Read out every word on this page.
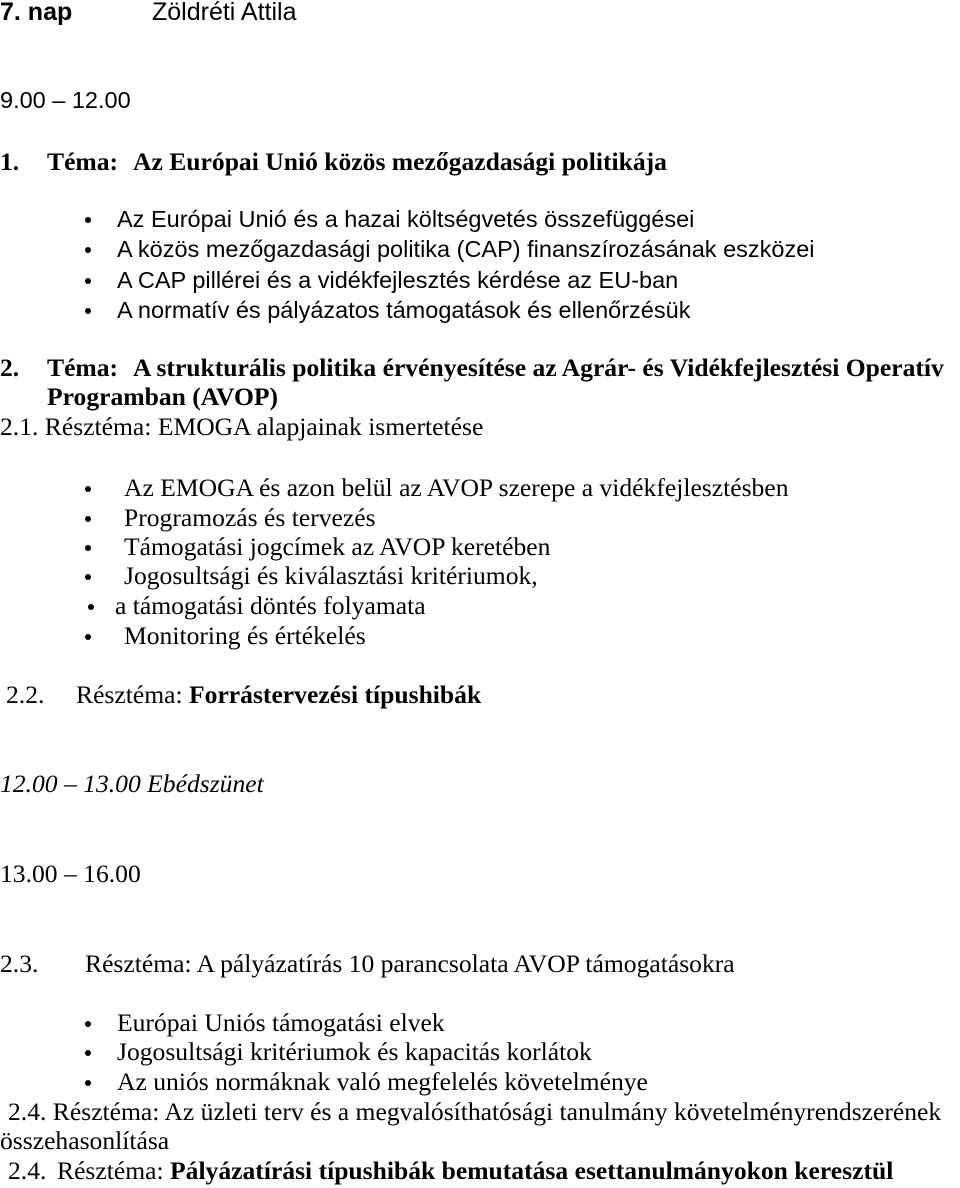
7. nap	Zöldréti Attila
9.00 – 12.00
1. Téma: Az Európai Unió közös mezőgazdasági politikája
Az Európai Unió és a hazai költségvetés összefüggései
A közös mezőgazdasági politika (CAP) finanszírozásának eszközei
A CAP pillérei és a vidékfejlesztés kérdése az EU-ban
A normatív és pályázatos támogatások és ellenőrzésük
2. Téma: A strukturális politika érvényesítése az Agrár- és Vidékfejlesztési Operatív
Programban (AVOP)
2.1. Résztéma: EMOGA alapjainak ismertetése
Az EMOGA és azon belül az AVOP szerepe a vidékfejlesztésben
Programozás és tervezés
Támogatási jogcímek az AVOP keretében
Jogosultsági és kiválasztási kritériumok,
a támogatási döntés folyamata
Monitoring és értékelés
2.2. Résztéma: Forrástervezési típushibák
12.00 – 13.00 Ebédszünet
13.00 – 16.00
2.3. Résztéma: A pályázatírás 10 parancsolata AVOP támogatásokra
Európai Uniós támogatási elvek
Jogosultsági kritériumok és kapacitás korlátok
Az uniós normáknak való megfelelés követelménye
2.4. Résztéma: Az üzleti terv és a megvalósíthatósági tanulmány követelményrendszerének
összehasonlítása
2.4. Résztéma: Pályázatírási típushibák bemutatása esettanulmányokon keresztül
